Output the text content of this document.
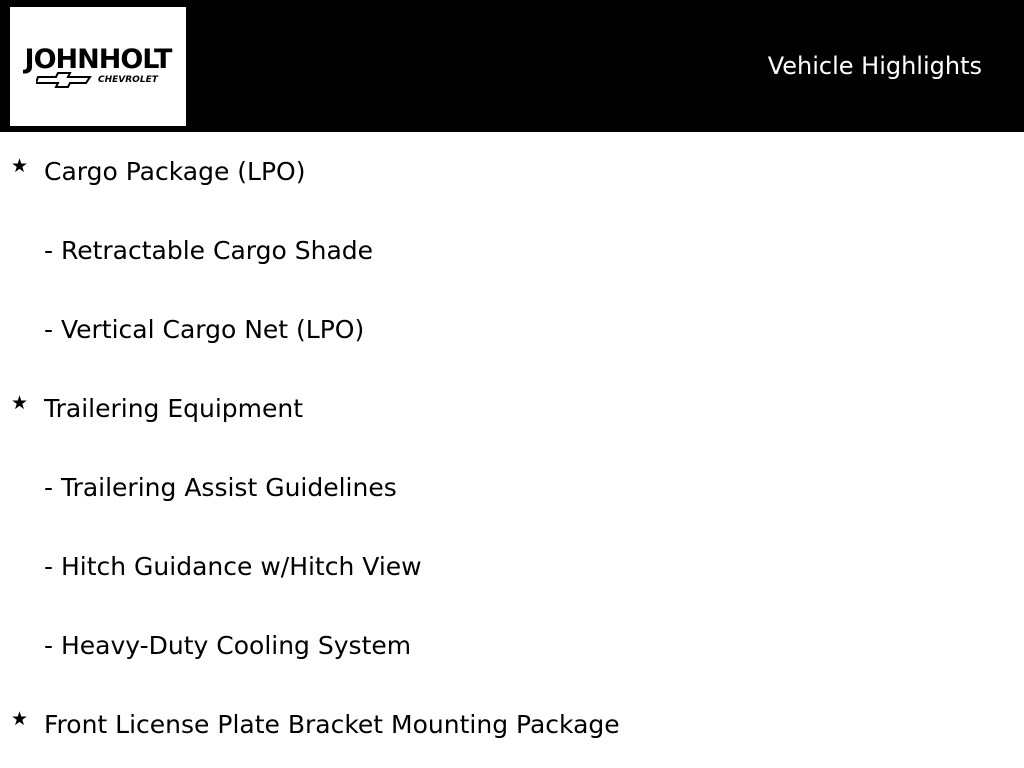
JOHNHOLT
CHEVROLET	Vehicle Highlights
★ Cargo Package (LPO)
- Retractable Cargo Shade
- Vertical Cargo Net (LPO)
★ Trailering Equipment
- Trailering Assist Guidelines
- Hitch Guidance w/Hitch View
- Heavy-Duty Cooling System
★ Front License Plate Bracket Mounting Package
